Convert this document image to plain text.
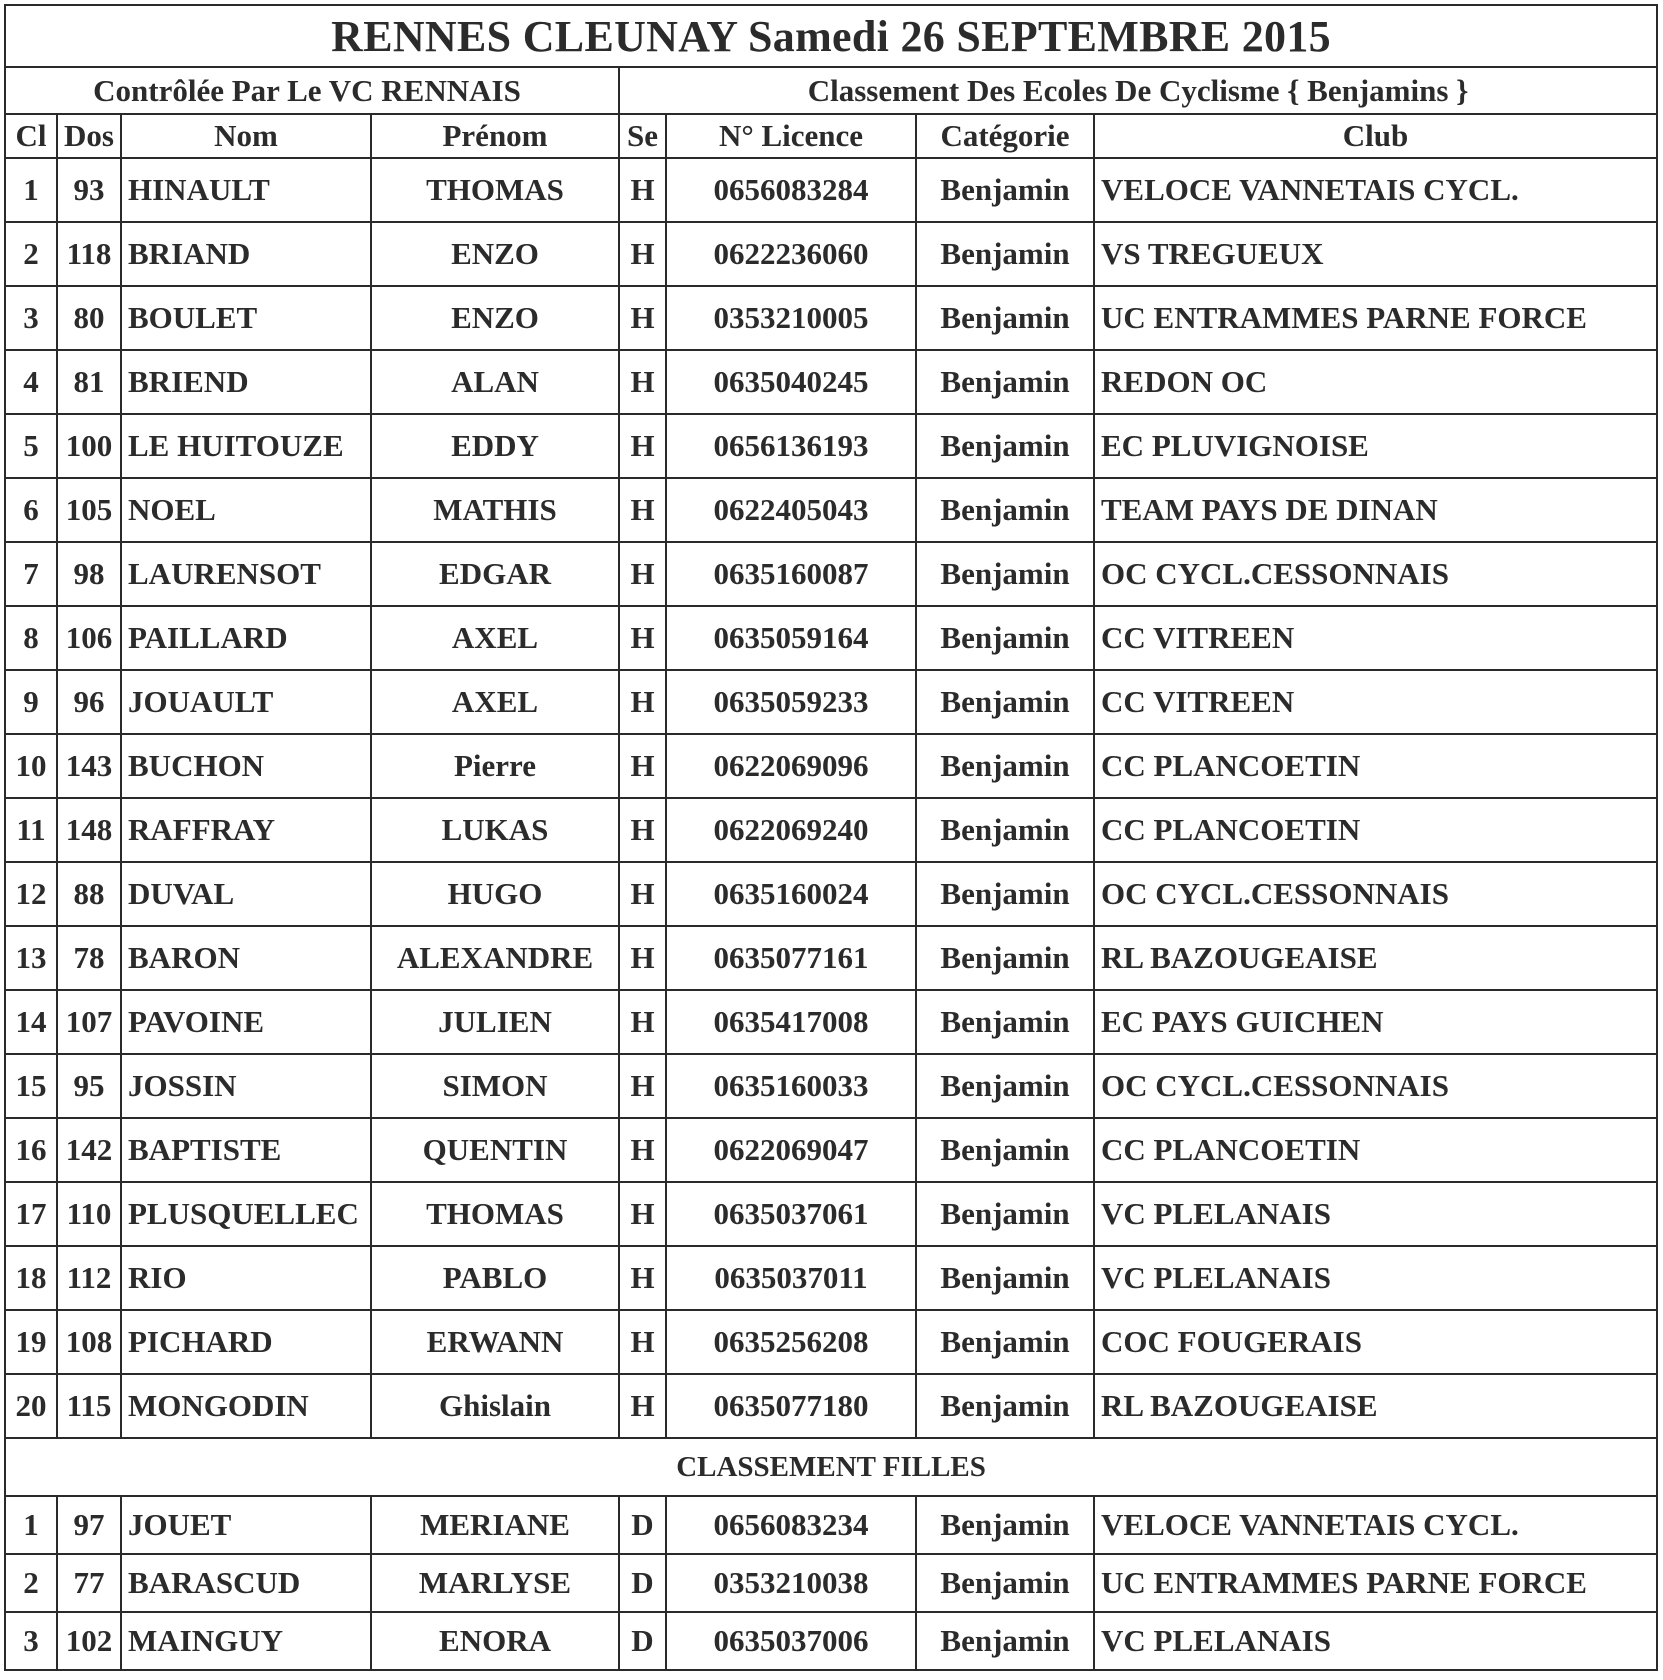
RENNES CLEUNAY Samedi 26 SEPTEMBRE 2015							
Contrôlée Par Le VC RENNAIS				Classement Des Ecoles De Cyclisme { Benjamins }			
Cl	Dos	Nom	Prénom	Se	N° Licence	Catégorie	Club
1	93	HINAULT	THOMAS	H	0656083284	Benjamin	VELOCE VANNETAIS CYCL.
2	118	BRIAND	ENZO	H	0622236060	Benjamin	VS TREGUEUX
3	80	BOULET	ENZO	H	0353210005	Benjamin	UC ENTRAMMES PARNE FORCE
4	81	BRIEND	ALAN	H	0635040245	Benjamin	REDON OC
5	100	LE HUITOUZE	EDDY	H	0656136193	Benjamin	EC PLUVIGNOISE
6	105	NOEL	MATHIS	H	0622405043	Benjamin	TEAM PAYS DE DINAN
7	98	LAURENSOT	EDGAR	H	0635160087	Benjamin	OC CYCL.CESSONNAIS
8	106	PAILLARD	AXEL	H	0635059164	Benjamin	CC VITREEN
9	96	JOUAULT	AXEL	H	0635059233	Benjamin	CC VITREEN
10	143	BUCHON	Pierre	H	0622069096	Benjamin	CC PLANCOETIN
11	148	RAFFRAY	LUKAS	H	0622069240	Benjamin	CC PLANCOETIN
12	88	DUVAL	HUGO	H	0635160024	Benjamin	OC CYCL.CESSONNAIS
13	78	BARON	ALEXANDRE	H	0635077161	Benjamin	RL BAZOUGEAISE
14	107	PAVOINE	JULIEN	H	0635417008	Benjamin	EC PAYS GUICHEN
15	95	JOSSIN	SIMON	H	0635160033	Benjamin	OC CYCL.CESSONNAIS
16	142	BAPTISTE	QUENTIN	H	0622069047	Benjamin	CC PLANCOETIN
17	110	PLUSQUELLEC	THOMAS	H	0635037061	Benjamin	VC PLELANAIS
18	112	RIO	PABLO	H	0635037011	Benjamin	VC PLELANAIS
19	108	PICHARD	ERWANN	H	0635256208	Benjamin	COC FOUGERAIS
20	115	MONGODIN	Ghislain	H	0635077180	Benjamin	RL BAZOUGEAISE
CLASSEMENT FILLES							
1	97	JOUET	MERIANE	D	0656083234	Benjamin	VELOCE VANNETAIS CYCL.
2	77	BARASCUD	MARLYSE	D	0353210038	Benjamin	UC ENTRAMMES PARNE FORCE
3	102	MAINGUY	ENORA	D	0635037006	Benjamin	VC PLELANAIS
